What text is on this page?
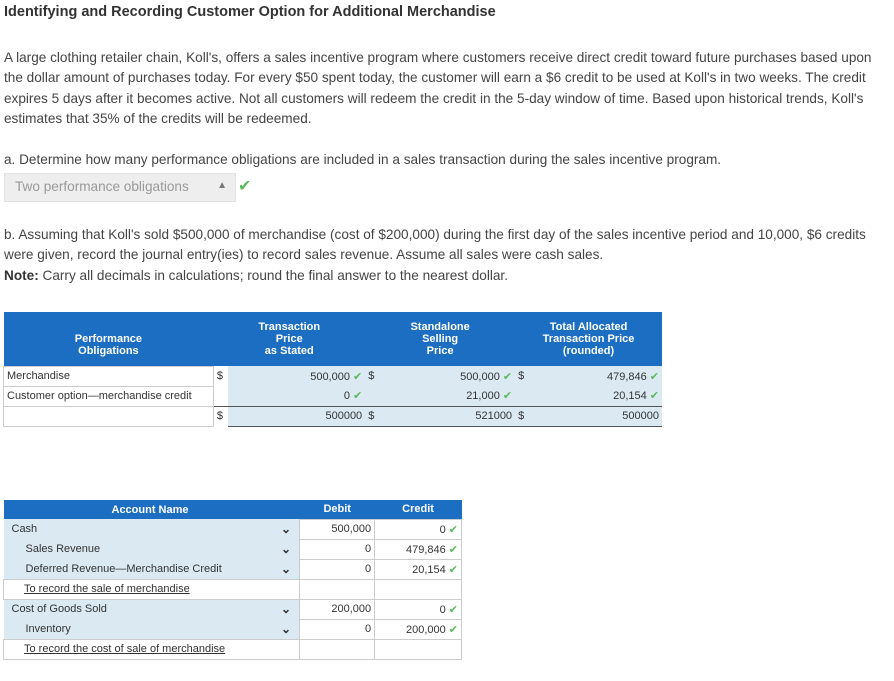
Identifying and Recording Customer Option for Additional Merchandise
A large clothing retailer chain, Koll's, offers a sales incentive program where customers receive direct credit toward future purchases based upon the dollar amount of purchases today. For every $50 spent today, the customer will earn a $6 credit to be used at Koll's in two weeks. The credit expires 5 days after it becomes active. Not all customers will redeem the credit in the 5-day window of time. Based upon historical trends, Koll's estimates that 35% of the credits will be redeemed.
a. Determine how many performance obligations are included in a sales transaction during the sales incentive program.
Two performance obligations	▲ ✔
b. Assuming that Koll's sold $500,000 of merchandise (cost of $200,000) during the first day of the sales incentive period and 10,000, $6 credits were given, record the journal entry(ies) to record sales revenue. Assume all sales were cash sales.
Note: Carry all decimals in calculations; round the final answer to the nearest dollar.
Performance
Obligations	Transaction
Price
as Stated		Standalone
Selling
Price		Total Allocated
Transaction Price
(rounded)	
Merchandise	$	500,000 ✔	$	500,000 ✔	$	479,846 ✔
Customer option—merchandise credit		0 ✔		21,000 ✔		20,154 ✔
	$	500000	$	521000	$	500000
Account Name		Debit	Credit
Cash	⌄	500,000	0 ✔
Sales Revenue	⌄	0	479,846 ✔
Deferred Revenue—Merchandise Credit	⌄	0	20,154 ✔
To record the sale of merchandise			
Cost of Goods Sold	⌄	200,000	0 ✔
Inventory	⌄	0	200,000 ✔
To record the cost of sale of merchandise			
